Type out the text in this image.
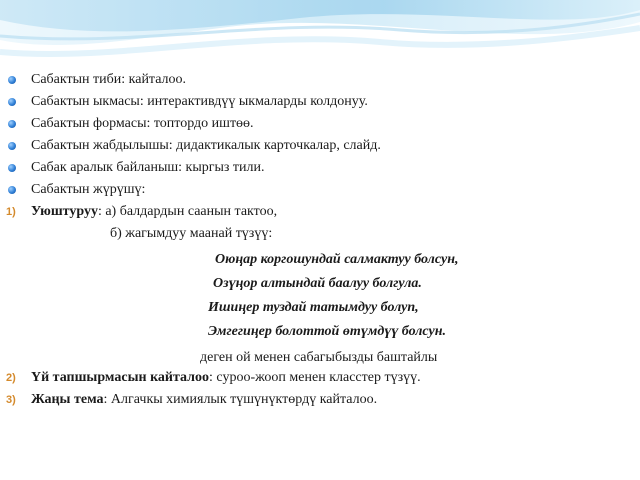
Сабактын тиби: кайталоо.
Сабактын ыкмасы: интерактивдүү ыкмаларды колдонуу.
Сабактын формасы: топтордо иштөө.
Сабактын жабдылышы: дидактикалык карточкалар, слайд.
Сабак аралык байланыш: кыргыз тили.
Сабактын жүрүшү:
1) Уюштуруу: а) балдардын саанын тактоо,
б) жагымдуу маанай түзүү:
Оюңар коргошундай салмактуу болсун,
Озүңор алтындай баалуу болгула.
Ишиңер туздай татымдуу болуп,
Эмгегиңер болоттой өтүмдүү болсун.
деген ой менен сабагыбызды баштайлы
2) Үй тапшырмасын кайталоо: суроо-жооп менен класстер түзүү.
3) Жаңы тема: Алгачкы химиялык түшүнүктөрдү кайталоо.
